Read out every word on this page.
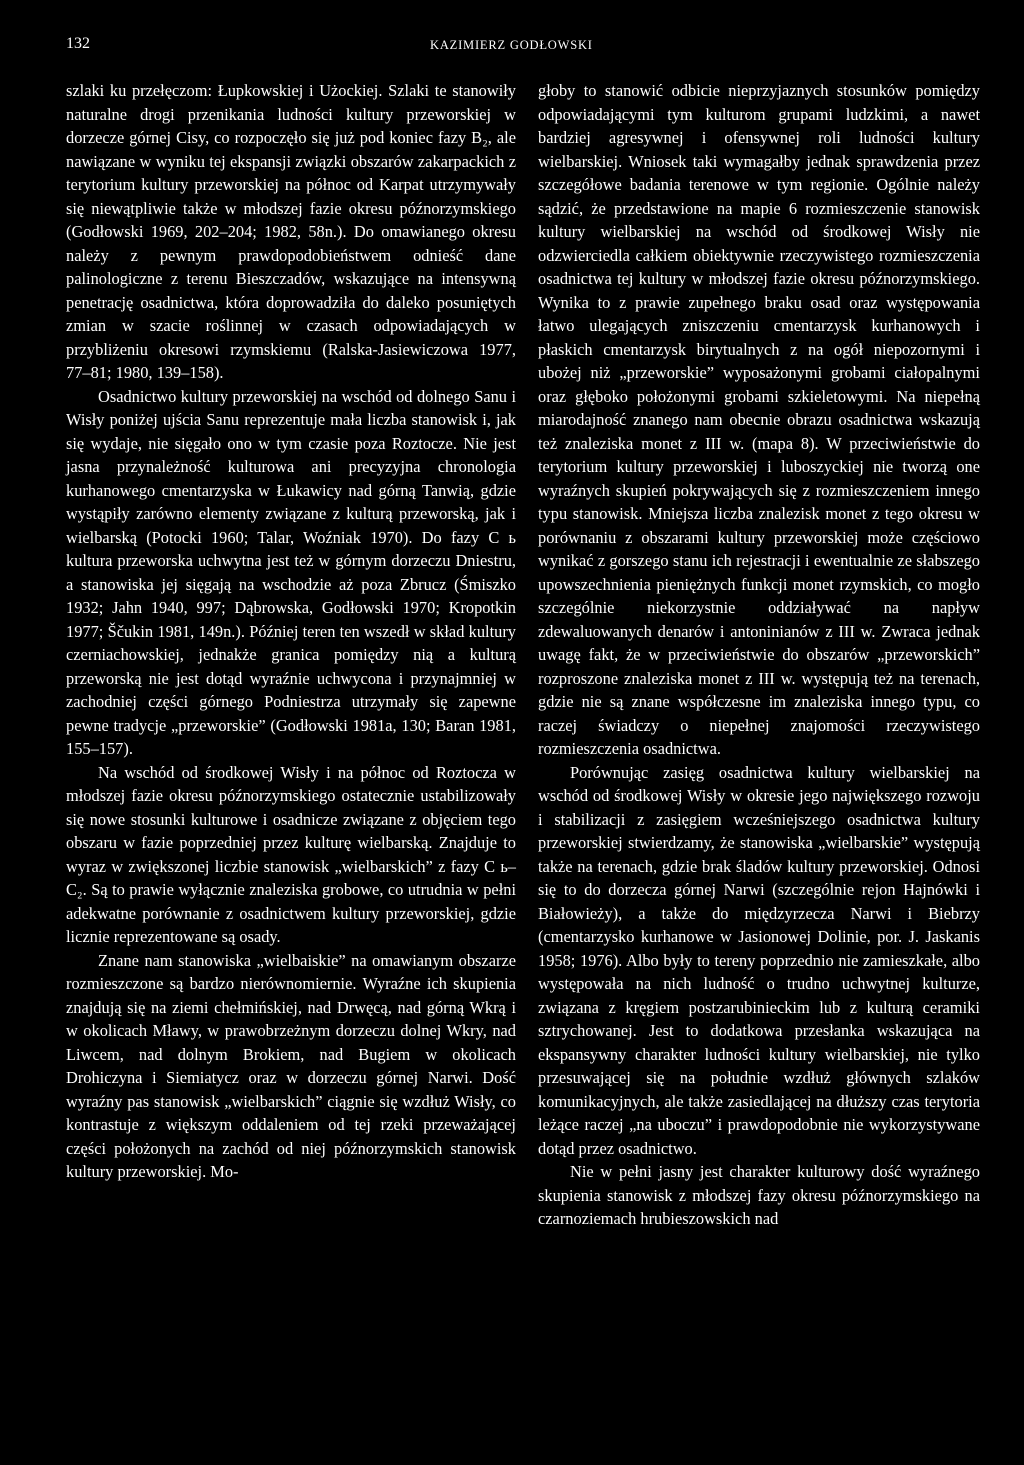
132	KAZIMIERZ GODŁOWSKI

szlaki ku przełęczom: Łupkowskiej i Użockiej. Szlaki te stanowiły naturalne drogi przenikania ludności kultury przeworskiej w dorzecze górnej Cisy, co rozpoczęło się już pod koniec fazy B₂, ale nawiązane w wyniku tej ekspansji związki obszarów zakarpackich z terytorium kultury przeworskiej na północ od Karpat utrzymywały się niewątpliwie także w młodszej fazie okresu późnorzymskiego (Godłowski 1969, 202–204; 1982, 58n.). Do omawianego okresu należy z pewnym prawdopodobieństwem odnieść dane palinologiczne z terenu Bieszczadów, wskazujące na intensywną penetrację osadnictwa, która doprowadziła do daleko posuniętych zmian w szacie roślinnej w czasach odpowiadających w przybliżeniu okresowi rzymskiemu (Ralska-Jasiewiczowa 1977, 77–81; 1980, 139–158).

Osadnictwo kultury przeworskiej na wschód od dolnego Sanu i Wisły poniżej ujścia Sanu reprezentuje mała liczba stanowisk i, jak się wydaje, nie sięgało ono w tym czasie poza Roztocze. Nie jest jasna przynależność kulturowa ani precyzyjna chronologia kurhanowego cmentarzyska w Łukawicy nad górną Tanwią, gdzie wystąpiły zarówno elementy związane z kulturą przeworską, jak i wielbarską (Potocki 1960; Talar, Woźniak 1970). Do fazy C ь kultura przeworska uchwytna jest też w górnym dorzeczu Dniestru, a stanowiska jej sięgają na wschodzie aż poza Zbrucz (Śmiszko 1932; Jahn 1940, 997; Dąbrowska, Godłowski 1970; Kropotkin 1977; Ščukin 1981, 149n.). Później teren ten wszedł w skład kultury czerniachowskiej, jednakże granica pomiędzy nią a kulturą przeworską nie jest dotąd wyraźnie uchwycona i przynajmniej w zachodniej części górnego Podniestrza utrzymały się zapewne pewne tradycje „przeworskie” (Godłowski 1981a, 130; Baran 1981, 155–157).

Na wschód od środkowej Wisły i na północ od Roztocza w młodszej fazie okresu późnorzymskiego ostatecznie ustabilizowały się nowe stosunki kulturowe i osadnicze związane z objęciem tego obszaru w fazie poprzedniej przez kulturę wielbarską. Znajduje to wyraz w zwiększonej liczbie stanowisk „wielbarskich” z fazy C ь–C₂. Są to prawie wyłącznie znaleziska grobowe, co utrudnia w pełni adekwatne porównanie z osadnictwem kultury przeworskiej, gdzie licznie reprezentowane są osady.

Znane nam stanowiska „wielbaiskie” na omawianym obszarze rozmieszczone są bardzo nierównomiernie. Wyraźne ich skupienia znajdują się na ziemi chełmińskiej, nad Drwęcą, nad górną Wkrą i w okolicach Mławy, w prawobrzeżnym dorzeczu dolnej Wkry, nad Liwcem, nad dolnym Brokiem, nad Bugiem w okolicach Drohiczyna i Siemiatycz oraz w dorzeczu górnej Narwi. Dość wyraźny pas stanowisk „wielbarskich” ciągnie się wzdłuż Wisły, co kontrastuje z większym oddaleniem od tej rzeki przeważającej części położonych na zachód od niej późnorzymskich stanowisk kultury przeworskiej. Mo-

głoby to stanowić odbicie nieprzyjaznych stosunków pomiędzy odpowiadającymi tym kulturom grupami ludzkimi, a nawet bardziej agresywnej i ofensywnej roli ludności kultury wielbarskiej. Wniosek taki wymagałby jednak sprawdzenia przez szczegółowe badania terenowe w tym regionie. Ogólnie należy sądzić, że przedstawione na mapie 6 rozmieszczenie stanowisk kultury wielbarskiej na wschód od środkowej Wisły nie odzwierciedla całkiem obiektywnie rzeczywistego rozmieszczenia osadnictwa tej kultury w młodszej fazie okresu późnorzymskiego. Wynika to z prawie zupełnego braku osad oraz występowania łatwo ulegających zniszczeniu cmentarzysk kurhanowych i płaskich cmentarzysk birytualnych z na ogół niepozornymi i ubożej niż „przeworskie” wyposażonymi grobami ciałopalnymi oraz głęboko położonymi grobami szkieletowymi. Na niepełną miarodajność znanego nam obecnie obrazu osadnictwa wskazują też znaleziska monet z III w. (mapa 8). W przeciwieństwie do terytorium kultury przeworskiej i luboszyckiej nie tworzą one wyraźnych skupień pokrywających się z rozmieszczeniem innego typu stanowisk. Mniejsza liczba znalezisk monet z tego okresu w porównaniu z obszarami kultury przeworskiej może częściowo wynikać z gorszego stanu ich rejestracji i ewentualnie ze słabszego upowszechnienia pieniężnych funkcji monet rzymskich, co mogło szczególnie niekorzystnie oddziaływać na napływ zdewaluowanych denarów i antoninianów z III w. Zwraca jednak uwagę fakt, że w przeciwieństwie do obszarów „przeworskich” rozproszone znaleziska monet z III w. występują też na terenach, gdzie nie są znane współczesne im znaleziska innego typu, co raczej świadczy o niepełnej znajomości rzeczywistego rozmieszczenia osadnictwa.

Porównując zasięg osadnictwa kultury wielbarskiej na wschód od środkowej Wisły w okresie jego największego rozwoju i stabilizacji z zasięgiem wcześniejszego osadnictwa kultury przeworskiej stwierdzamy, że stanowiska „wielbarskie” występują także na terenach, gdzie brak śladów kultury przeworskiej. Odnosi się to do dorzecza górnej Narwi (szczególnie rejon Hajnówki i Białowieży), a także do międzyrzecza Narwi i Biebrzy (cmentarzysko kurhanowe w Jasionowej Dolinie, por. J. Jaskanis 1958; 1976). Albo były to tereny poprzednio nie zamieszkałe, albo występowała na nich ludność o trudno uchwytnej kulturze, związana z kręgiem postzarubinieckim lub z kulturą ceramiki sztrychowanej. Jest to dodatkowa przesłanka wskazująca na ekspansywny charakter ludności kultury wielbarskiej, nie tylko przesuwającej się na południe wzdłuż głównych szlaków komunikacyjnych, ale także zasiedlającej na dłuższy czas terytoria leżące raczej „na uboczu” i prawdopodobnie nie wykorzystywane dotąd przez osadnictwo.

Nie w pełni jasny jest charakter kulturowy dość wyraźnego skupienia stanowisk z młodszej fazy okresu późnorzymskiego na czarnoziemach hrubieszowskich nad
